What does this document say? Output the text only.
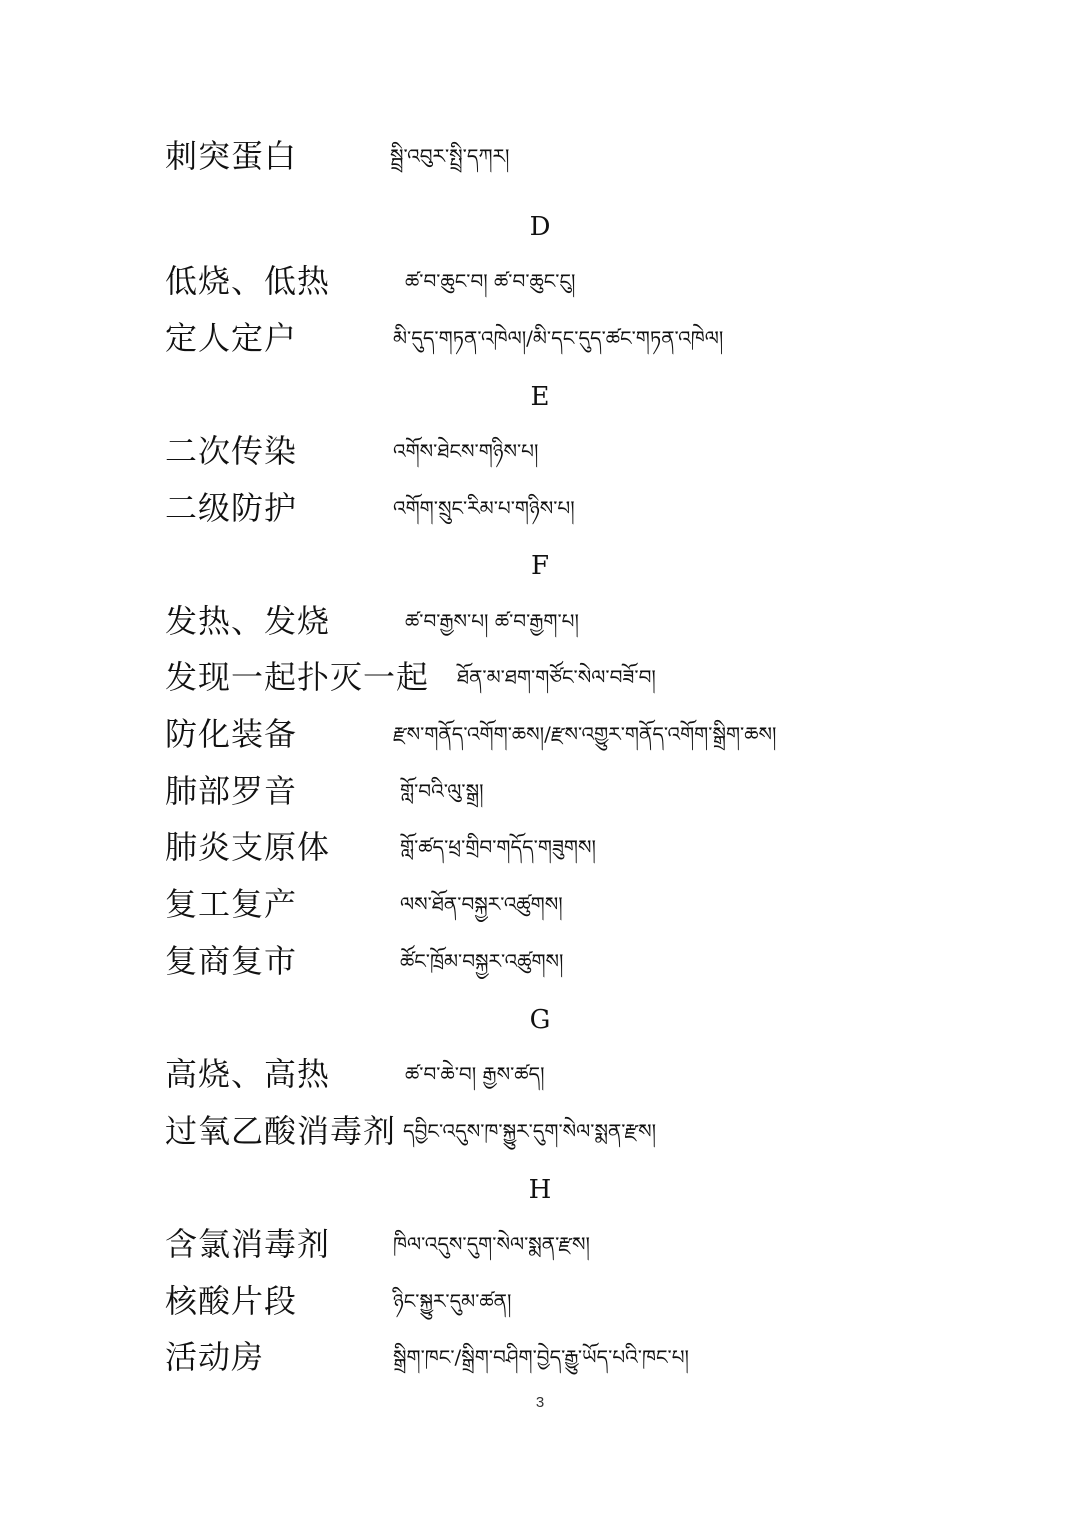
刺突蛋白	སྦྲི་འབུར་སྤྲི་དཀར།
D
低烧、低热	ཚ་བ་ཆུང་བ། ཚ་བ་ཆུང་ངུ།
定人定户	མི་དུད་གཏན་འཁེལ།/མི་དང་དུད་ཚང་གཏན་འཁེལ།
E
二次传染	འགོས་ཐེངས་གཉིས་པ།
二级防护	འགོག་སྲུང་རིམ་པ་གཉིས་པ།
F
发热、发烧	ཚ་བ་རྒྱས་པ། ཚ་བ་རྒྱག་པ།
发现一起扑灭一起 ཐོན་མ་ཐག་གཙོང་སེལ་བཟོ་བ།
防化装备	རྫས་གནོད་འགོག་ཆས།/རྫས་འགྱུར་གནོད་འགོག་སྒྲིག་ཆས།
肺部罗音	གློ་བའི་ལུ་སྒྲ།
肺炎支原体	གློ་ཚད་ཕྲ་གྲིབ་གདོད་གཟུགས།
复工复产	ལས་ཐོན་བསྐྱར་འཚུགས།
复商复市	ཚོང་ཁྲོམ་བསྐྱར་འཚུགས།
G
高烧、高热	ཚ་བ་ཆེ་བ། རྒྱས་ཚད།
过氧乙酸消毒剂 དབྱིང་འདུས་ཁ་སྐྱུར་དུག་སེལ་སྨན་རྫས།
H
含氯消毒剂	ཁིལ་འདུས་དུག་སེལ་སྨན་རྫས།
核酸片段	ཉིང་སྐྱུར་དུམ་ཚན།
活动房	སྒྲིག་ཁང་/སྒྲིག་བཤིག་བྱེད་རྒྱུ་ཡོད་པའི་ཁང་པ།
3
